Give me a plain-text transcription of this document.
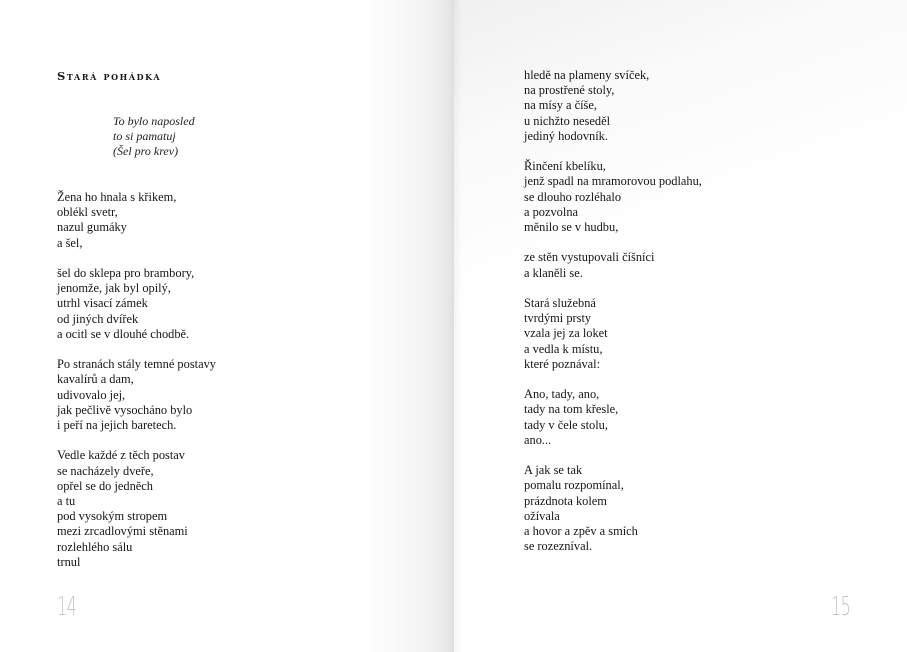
Stará pohádka
To bylo naposled
to si pamatuj
(Šel pro krev)
Žena ho hnala s křikem,
oblékl svetr,
nazul gumáky
a šel,
šel do sklepa pro brambory,
jenomže, jak byl opilý,
utrhl visací zámek
od jiných dvířek
a ocitl se v dlouhé chodbě.
Po stranách stály temné postavy
kavalírů a dam,
udivovalo jej,
jak pečlivě vysocháno bylo
i peří na jejich baretech.
Vedle každé z těch postav
se nacházely dveře,
opřel se do jedněch
a tu
pod vysokým stropem
mezi zrcadlovými stěnami
rozlehlého sálu
trnul
14
hledě na plameny svíček,
na prostřené stoly,
na mísy a číše,
u nichžto neseděl
jediný hodovník.
Řinčení kbelíku,
jenž spadl na mramorovou podlahu,
se dlouho rozléhalo
a pozvolna
měnilo se v hudbu,
ze stěn vystupovali číšníci
a klaněli se.
Stará služebná
tvrdými prsty
vzala jej za loket
a vedla k místu,
které poznával:
Ano, tady, ano,
tady na tom křesle,
tady v čele stolu,
ano...
A jak se tak
pomalu rozpomínal,
prázdnota kolem
ožívala
a hovor a zpěv a smích
se rozezníval.
15
